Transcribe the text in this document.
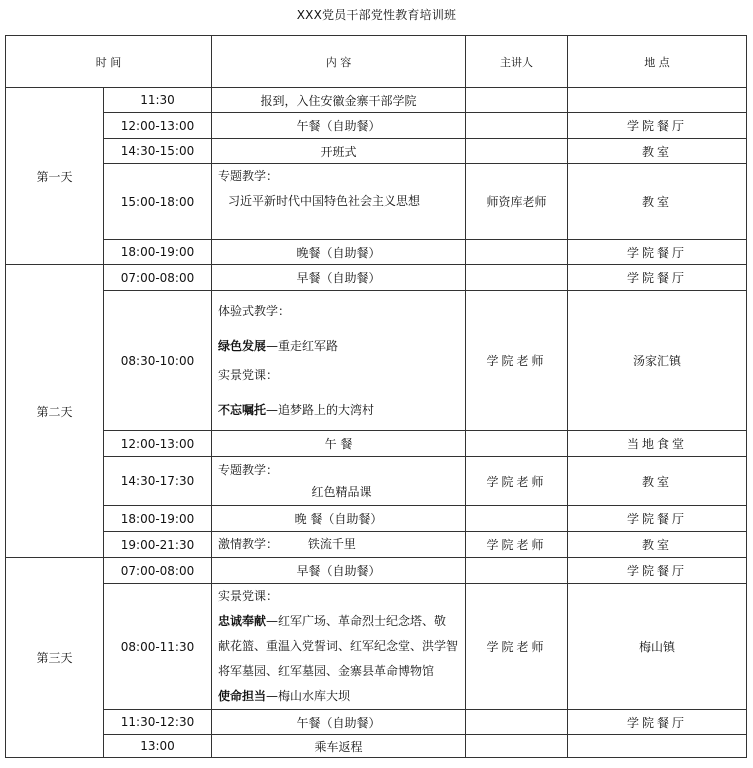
XXX党员干部党性教育培训班
时 间		内 容	主讲人	地 点
第一天	11:30	报到，入住安徽金寨干部学院		
	12:00-13:00	午餐（自助餐）		学院餐厅
	14:30-15:00	开班式		教室
	15:00-18:00	专题教学：
习近平新时代中国特色社会主义思想	师资库老师	教室
	18:00-19:00	晚餐（自助餐）		学院餐厅
第二天	07:00-08:00	早餐（自助餐）		学院餐厅
	08:30-10:00	体验式教学：
绿色发展—重走红军路
实景党课：
不忘嘱托—追梦路上的大湾村	学院老师	汤家汇镇
	12:00-13:00	午 餐		当地食堂
	14:30-17:30	专题教学：
红色精品课	学院老师	教室
	18:00-19:00	晚 餐（自助餐）		学院餐厅
	19:00-21:30	激情教学： 铁流千里	学院老师	教室
第三天	07:00-08:00	早餐（自助餐）		学院餐厅
	08:00-11:30	实景党课：
忠诚奉献—红军广场、革命烈士纪念塔、敬
献花篮、重温入党誓词、红军纪念堂、洪学智
将军墓园、红军墓园、金寨县革命博物馆
使命担当—梅山水库大坝	学院老师	梅山镇
	11:30-12:30	午餐（自助餐）		学院餐厅
	13:00	乘车返程		
